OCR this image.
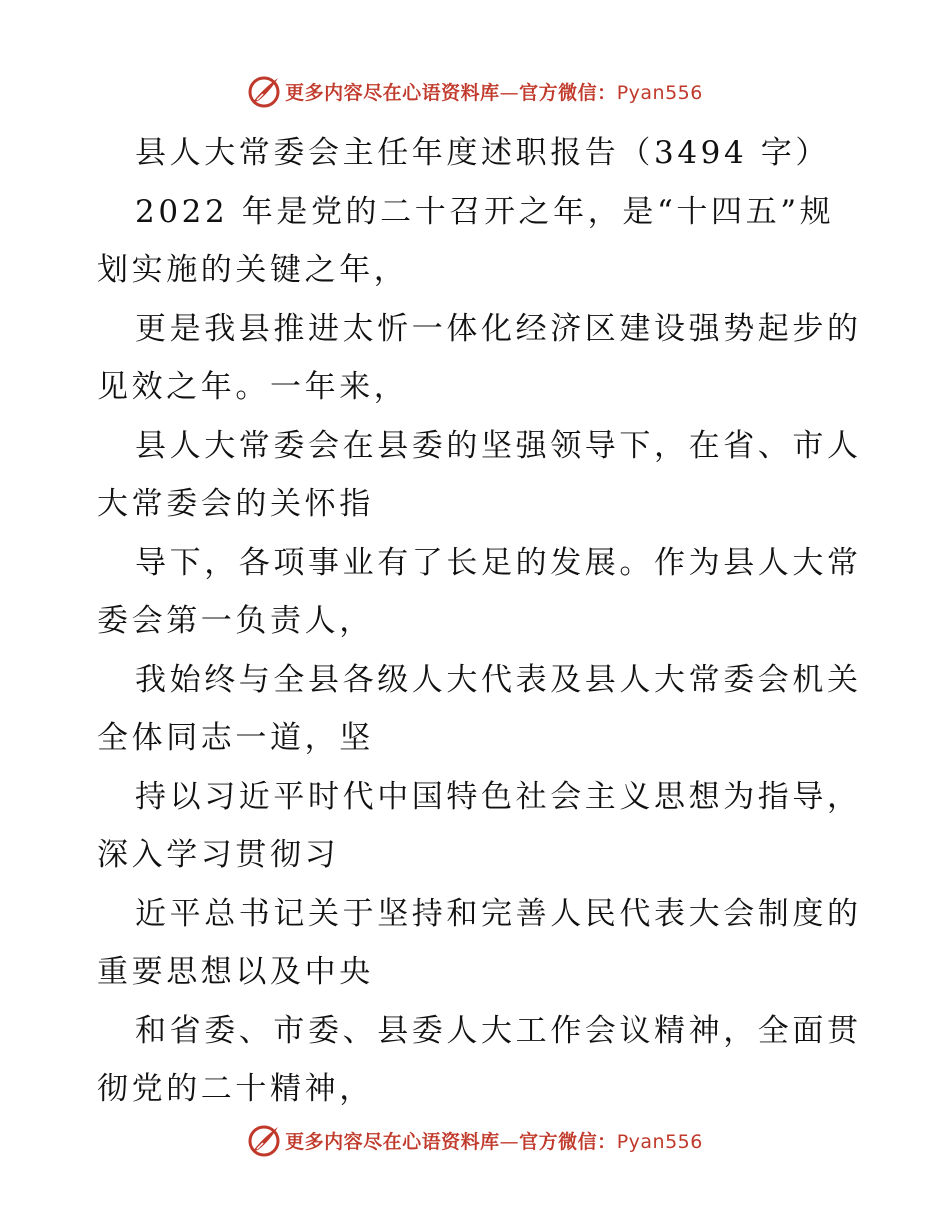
更多内容尽在心语资料库—官方微信：Pyan556
县人大常委会主任年度述职报告（3494 字）
2022 年是党的二十召开之年，是“十四五”规
划实施的关键之年，
更是我县推进太忻一体化经济区建设强势起步的
见效之年。一年来，
县人大常委会在县委的坚强领导下，在省、市人
大常委会的关怀指
导下，各项事业有了长足的发展。作为县人大常
委会第一负责人，
我始终与全县各级人大代表及县人大常委会机关
全体同志一道，坚
持以习近平时代中国特色社会主义思想为指导，
深入学习贯彻习
近平总书记关于坚持和完善人民代表大会制度的
重要思想以及中央
和省委、市委、县委人大工作会议精神，全面贯
彻党的二十精神，
更多内容尽在心语资料库—官方微信：Pyan556
